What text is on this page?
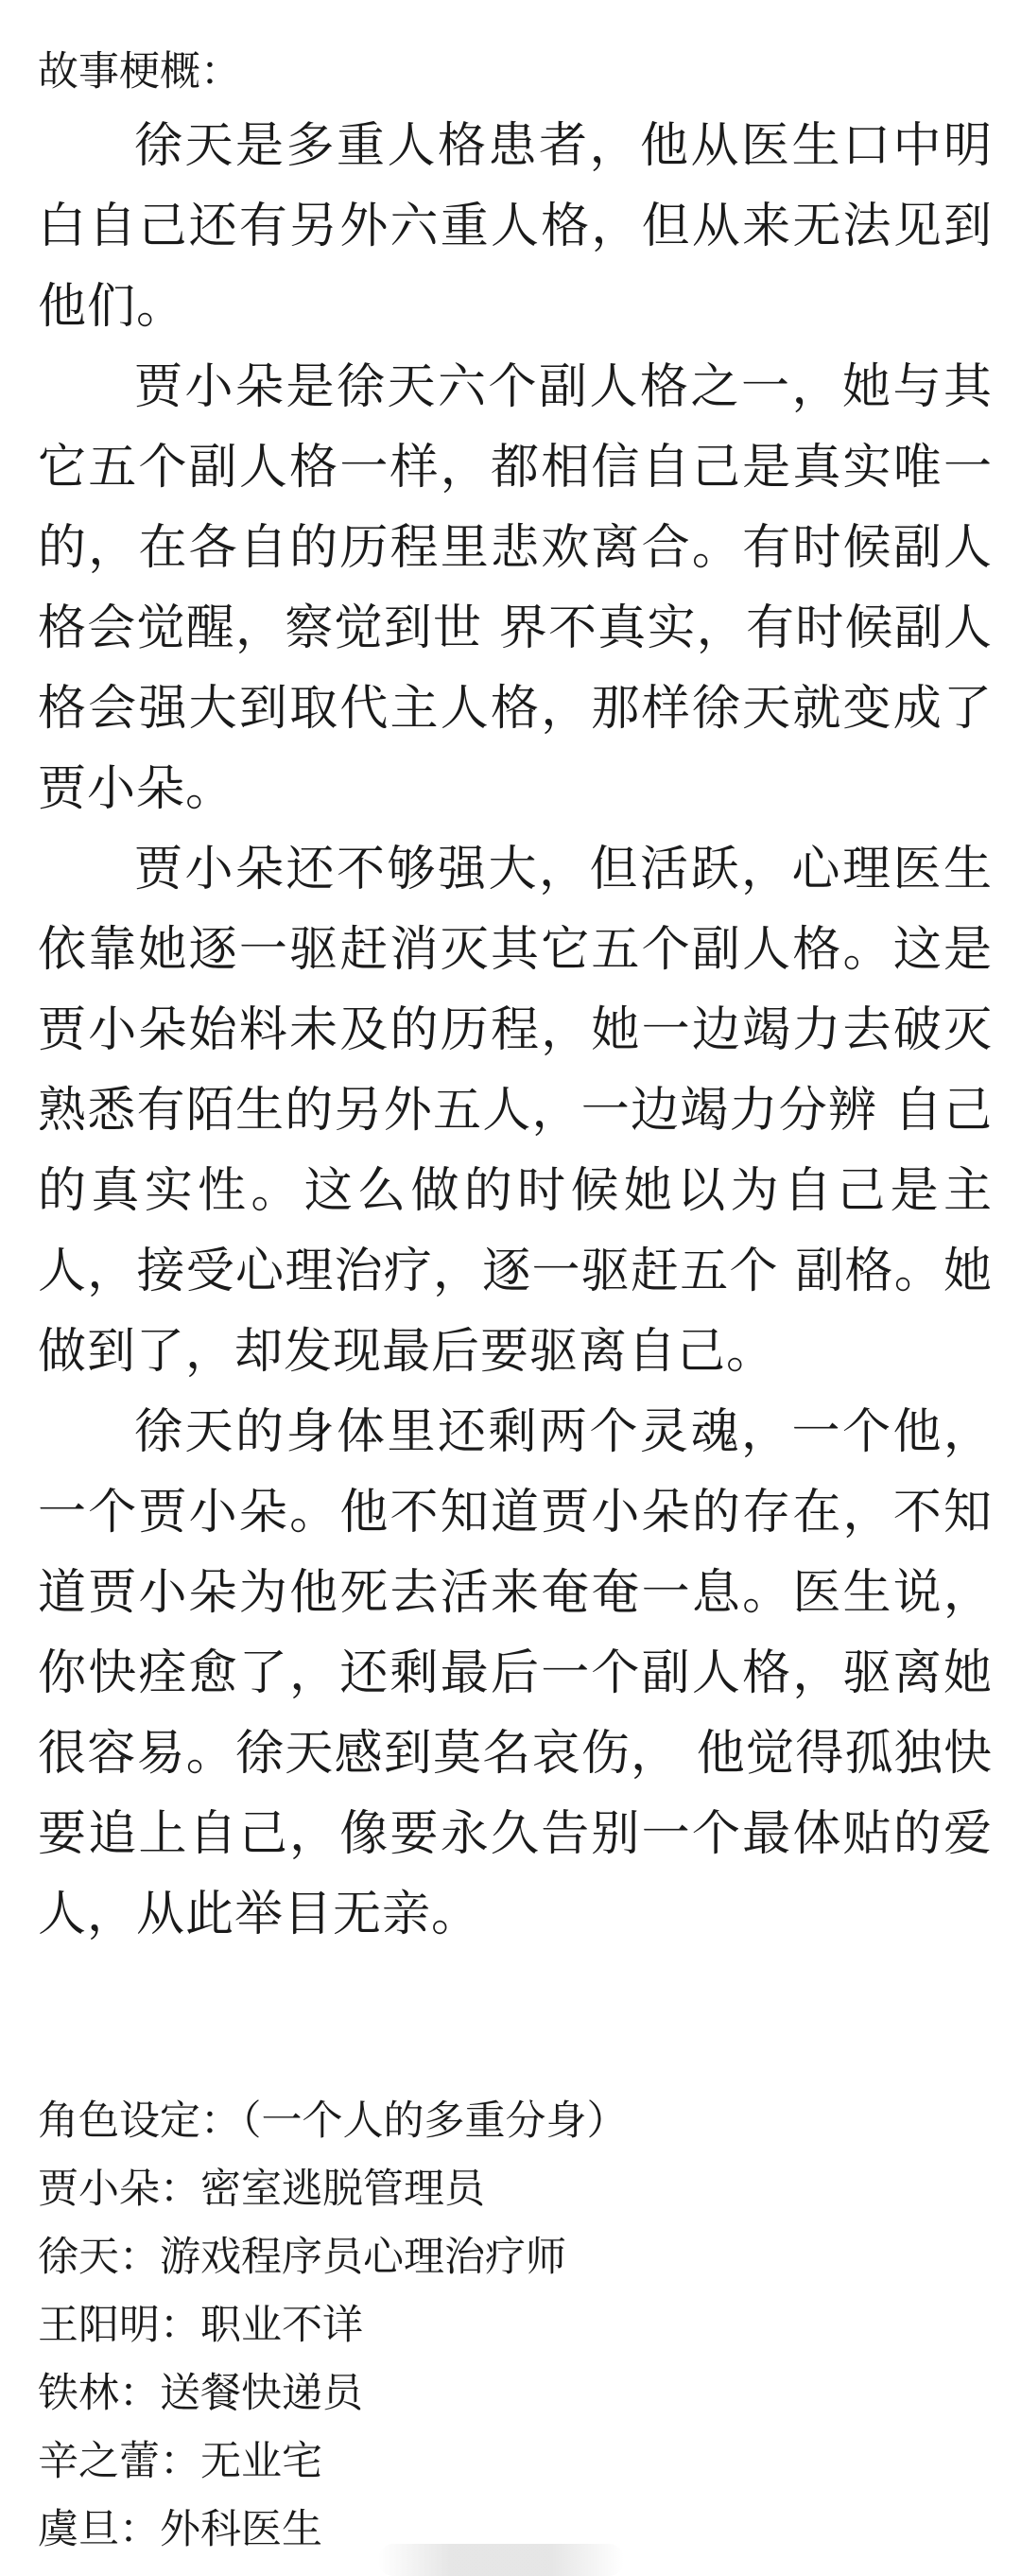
故事梗概：

徐天是多重人格患者，他从医生口中明白自己还有另外六重人格，但从来无法见到他们。

贾小朵是徐天六个副人格之一，她与其它五个副人格一样，都相信自己是真实唯一的，在各自的历程里悲欢离合。有时候副人格会觉醒，察觉到世 界不真实，有时候副人格会强大到取代主人格，那样徐天就变成了贾小朵。

贾小朵还不够强大，但活跃，心理医生依靠她逐一驱赶消灭其它五个副人格。这是贾小朵始料未及的历程，她一边竭力去破灭熟悉有陌生的另外五人，一边竭力分辨 自己的真实性。这么做的时候她以为自己是主人，接受心理治疗，逐一驱赶五个 副格。她做到了，却发现最后要驱离自己。

徐天的身体里还剩两个灵魂，一个他，一个贾小朵。他不知道贾小朵的存在，不知道贾小朵为他死去活来奄奄一息。医生说，你快痊愈了，还剩最后一个副人格，驱离她很容易。徐天感到莫名哀伤， 他觉得孤独快要追上自己，像要永久告别一个最体贴的爱人，从此举目无亲。

角色设定：（一个人的多重分身）

贾小朵：密室逃脱管理员
徐天：游戏程序员心理治疗师
王阳明：职业不详
铁林：送餐快递员
辛之蕾：无业宅
虞旦：外科医生
